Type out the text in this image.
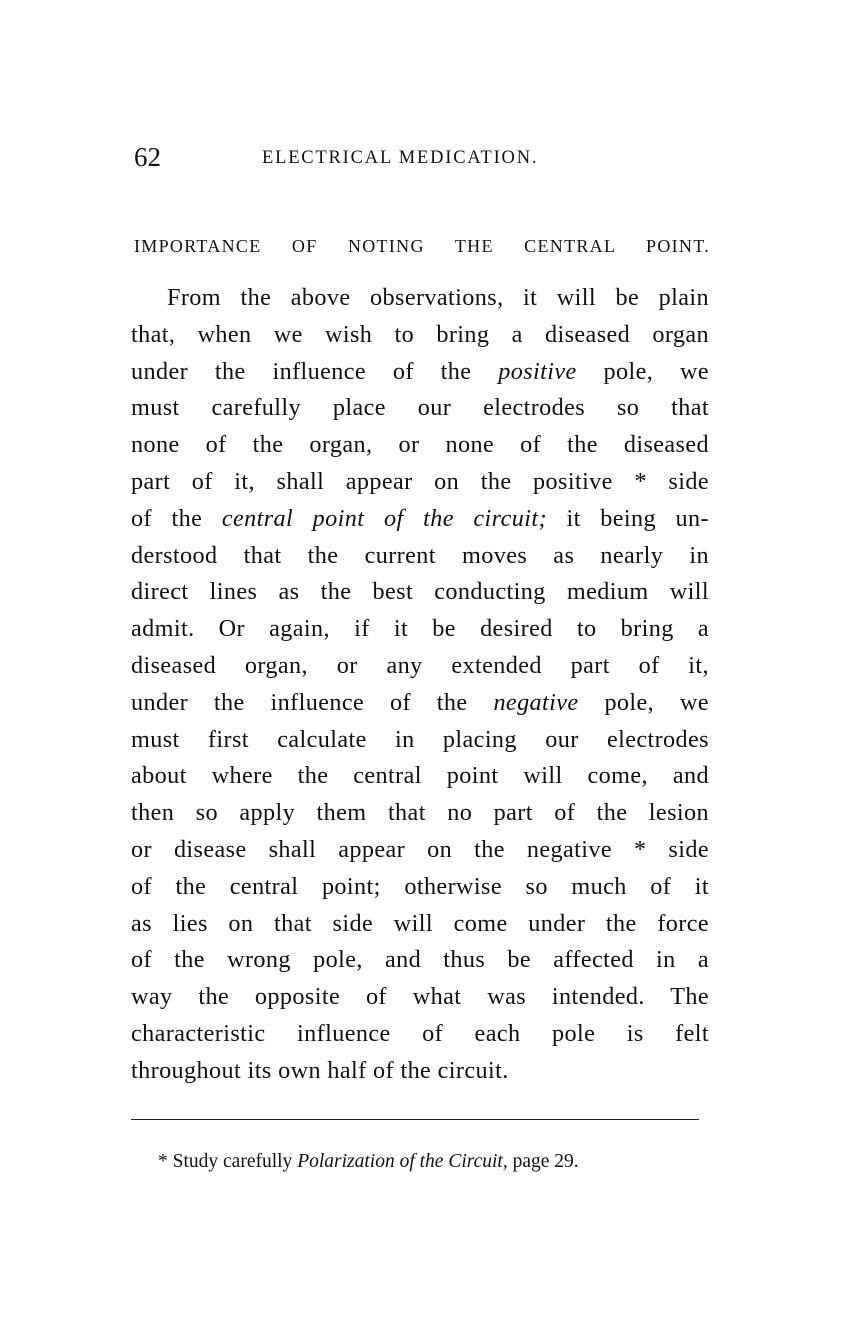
62	ELECTRICAL MEDICATION.
IMPORTANCE OF NOTING THE CENTRAL POINT.
From the above observations, it will be plain
that, when we wish to bring a diseased organ
under the influence of the positive pole, we
must carefully place our electrodes so that
none of the organ, or none of the diseased
part of it, shall appear on the positive * side
of the central point of the circuit; it being un-
derstood that the current moves as nearly in
direct lines as the best conducting medium will
admit. Or again, if it be desired to bring a
diseased organ, or any extended part of it,
under the influence of the negative pole, we
must first calculate in placing our electrodes
about where the central point will come, and
then so apply them that no part of the lesion
or disease shall appear on the negative * side
of the central point; otherwise so much of it
as lies on that side will come under the force
of the wrong pole, and thus be affected in a
way the opposite of what was intended. The
characteristic influence of each pole is felt
throughout its own half of the circuit.
* Study carefully Polarization of the Circuit, page 29.
